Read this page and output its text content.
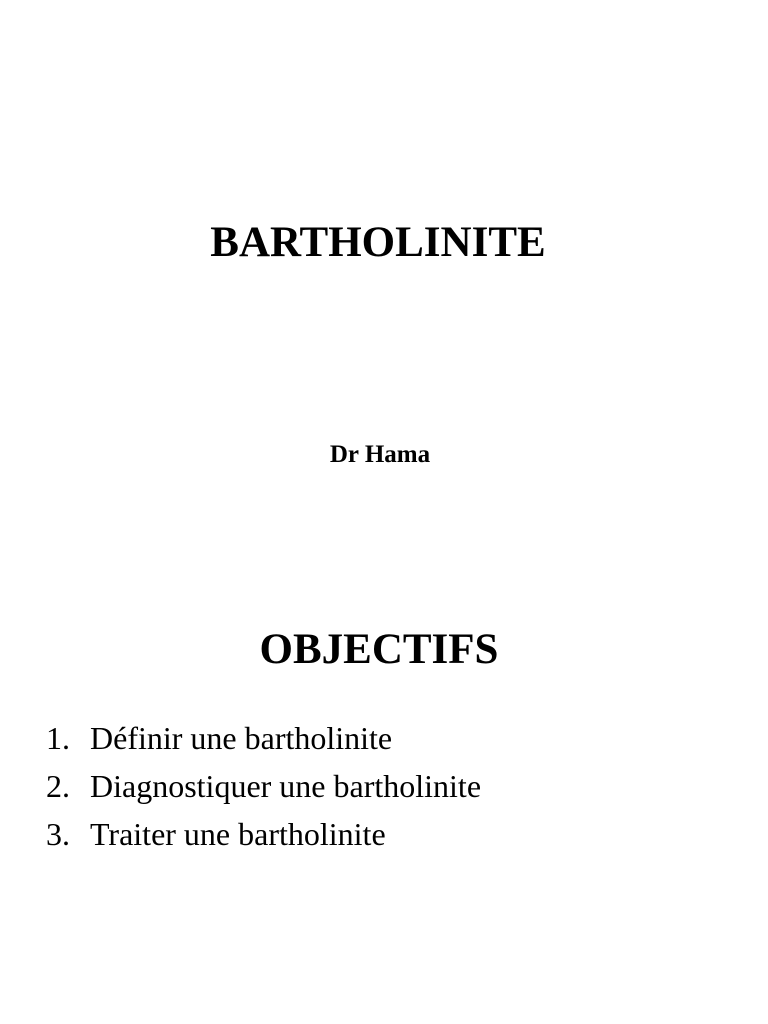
BARTHOLINITE

Dr Hama

OBJECTIFS
1. Définir une bartholinite
2. Diagnostiquer une bartholinite
3. Traiter une bartholinite
